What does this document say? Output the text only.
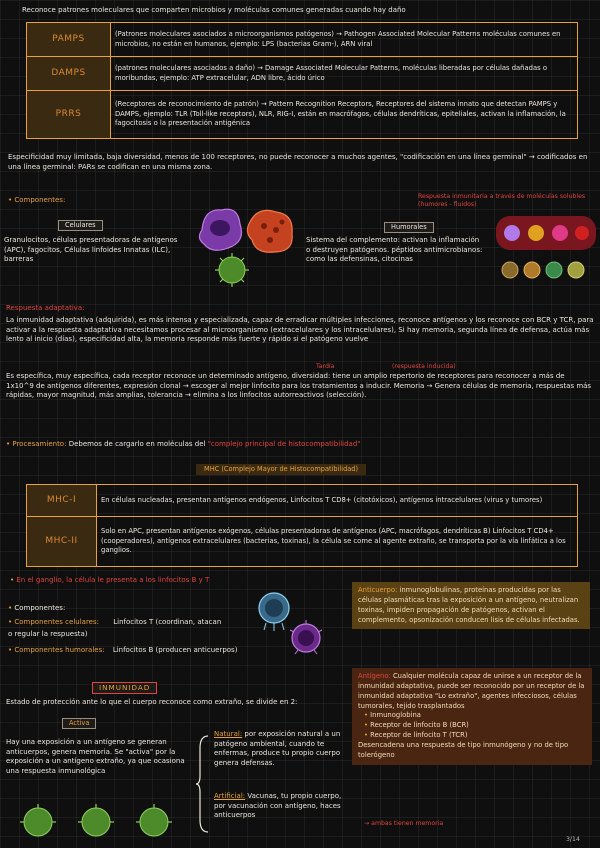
Reconoce patrones moleculares que comparten microbios y moléculas comunes generadas cuando hay daño
PAMPS	(Patrones moleculares asociados a microorganismos patógenos) → Pathogen Associated Molecular Patterns moléculas comunes en microbios, no están en humanos, ejemplo: LPS (bacterias Gram-), ARN viral
DAMPS	(patrones moleculares asociados a daño) → Damage Associated Molecular Patterns, moléculas liberadas por células dañadas o moribundas, ejemplo: ATP extracelular, ADN libre, ácido úrico
PRRS	(Receptores de reconocimiento de patrón) → Pattern Recognition Receptors, Receptores del sistema innato que detectan PAMPS y DAMPS, ejemplo: TLR (Toll-like receptors), NLR, RIG-I, están en macrófagos, células dendríticas, epiteliales, activan la inflamación, la fagocitosis o la presentación antigénica
Especificidad muy limitada, baja diversidad, menos de 100 receptores, no puede reconocer a muchos agentes, "codificación en una línea germinal" → codificados en una línea germinal: PARs se codifican en una misma zona.
• Componentes:
Celulares
Granulocitos, células presentadoras de antígenos (APC), fagocitos, Células linfoides Innatas (ILC), barreras
Humorales
Respuesta inmunitaria a través de moléculas solubles (humores - fluidos)
Sistema del complemento: activan la inflamación o destruyen patógenos. péptidos antimicrobianos: como las defensinas, citocinas
Respuesta adaptativa:
La inmunidad adaptativa (adquirida), es más intensa y especializada, capaz de erradicar múltiples infecciones, reconoce antígenos y los reconoce con BCR y TCR, para activar a la respuesta adaptativa necesitamos procesar al microorganismo (extracelulares y los intracelulares), Si hay memoria, segunda línea de defensa, actúa más lento al inicio (días), especificidad alta, la memoria responde más fuerte y rápido si el patógeno vuelve
Tardía	(respuesta inducida)
Es específica, muy específica, cada receptor reconoce un determinado antígeno, diversidad: tiene un amplio repertorio de receptores para reconocer a más de 1x10^9 de antígenos diferentes, expresión clonal → escoger al mejor linfocito para los tratamientos a inducir. Memoria → Genera células de memoria, respuestas más rápidas, mayor magnitud, más amplias, tolerancia → elimina a los linfocitos autorreactivos (selección).
• Procesamiento: Debemos de cargarlo en moléculas del "complejo principal de histocompatibilidad"
MHC (Complejo Mayor de Histocompatibilidad)
MHC-I	En células nucleadas, presentan antígenos endógenos, Linfocitos T CD8+ (citotóxicos), antígenos intracelulares (virus y tumores)
MHC-II	Solo en APC, presentan antígenos exógenos, células presentadoras de antígenos (APC, macrófagos, dendríticas B) Linfocitos T CD4+ (cooperadores), antígenos extracelulares (bacterias, toxinas), la célula se come al agente extraño, se transporta por la vía linfática a los ganglios.
• En el ganglio, la célula le presenta a los linfocitos B y T
• Componentes:
• Componentes celulares: Linfocitos T (coordinan, atacan
o regular la respuesta)
• Componentes humorales: Linfocitos B (producen anticuerpos)
Anticuerpo: inmunoglobulinas, proteínas producidas por las células plasmáticas tras la exposición a un antígeno, neutralizan toxinas, impiden propagación de patógenos, activan el complemento, opsonización conducen lisis de células infectadas.
Antígeno: Cualquier molécula capaz de unirse a un receptor de la inmunidad adaptativa, puede ser reconocido por un receptor de la inmunidad adaptativa "Lo extraño", agentes infecciosos, células tumorales, tejido trasplantados
• Inmunoglobina
• Receptor de linfocito B (BCR)
• Receptor de linfocito T (TCR)
Desencadena una respuesta de tipo inmunógeno y no de tipo tolerógeno
INMUNIDAD
Estado de protección ante lo que el cuerpo reconoce como extraño, se divide en 2:
Activa
Hay una exposición a un antígeno se generan anticuerpos, genera memoria. Se "activa" por la exposición a un antígeno extraño, ya que ocasiona una respuesta inmunológica
Natural: por exposición natural a un patógeno ambiental, cuando te enfermas, produce tu propio cuerpo genera defensas.
Artificial: Vacunas, tu propio cuerpo, por vacunación con antígeno, haces anticuerpos
→ ambas tienen memoria
3/14
